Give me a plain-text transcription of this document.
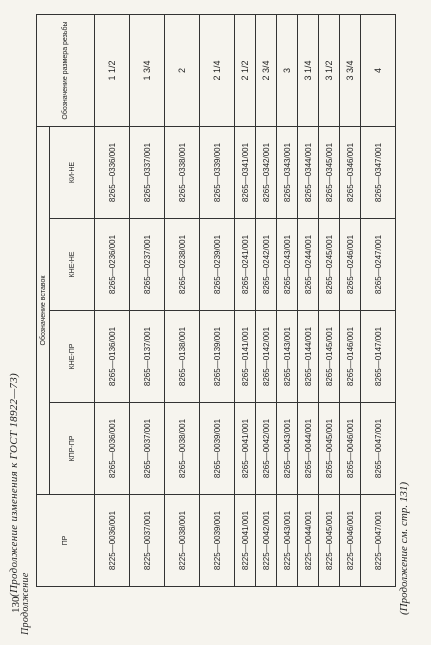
130
(Продолжение изменения к ГОСТ 18922—73)
Продолжение
ПР	Обозначение вставок				Обозначение размера резьбы
	КПР-ПР	КНЕ-ПР	КНЕ-НЕ	КИ-НЕ	
8225—0036/001	8265—0036/001	8265—0136/001	8265—0236/001	8265—0336/001	1 1/2
8225—0037/001	8265—0037/001	8265—0137/001	8265—0237/001	8265—0337/001	1 3/4
8225—0038/001	8265—0038/001	8265—0138/001	8265—0238/001	8265—0338/001	2
8225—0039/001	8265—0039/001	8265—0139/001	8265—0239/001	8265—0339/001	2 1/4
8225—0041/001	8265—0041/001	8265—0141/001	8265—0241/001	8265—0341/001	2 1/2
8225—0042/001	8265—0042/001	8265—0142/001	8265—0242/001	8265—0342/001	2 3/4
8225—0043/001	8265—0043/001	8265—0143/001	8265—0243/001	8265—0343/001	3
8225—0044/001	8265—0044/001	8265—0144/001	8265—0244/001	8265—0344/001	3 1/4
8225—0045/001	8265—0045/001	8265—0145/001	8265—0245/001	8265—0345/001	3 1/2
8225—0046/001	8265—0046/001	8265—0146/001	8265—0246/001	8265—0346/001	3 3/4
8225—0047/001	8265—0047/001	8265—0147/001	8265—0247/001	8265—0347/001	4
(Продолжение см. стр. 131)
